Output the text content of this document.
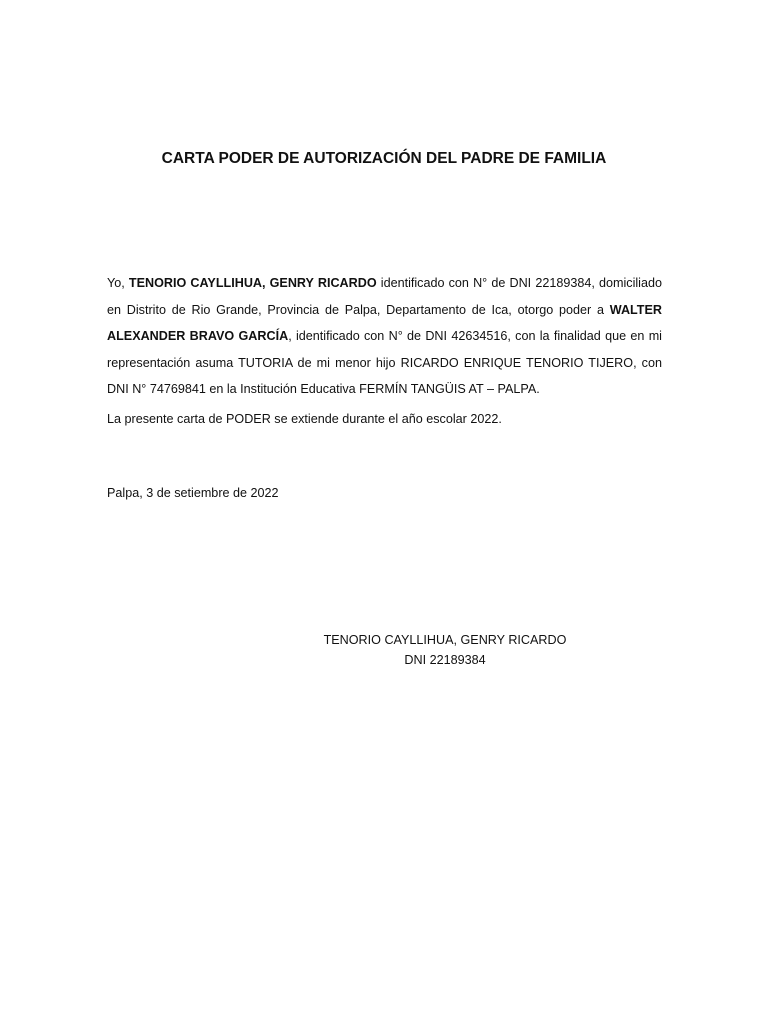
CARTA PODER DE AUTORIZACIÓN DEL PADRE DE FAMILIA

Yo, TENORIO CAYLLIHUA, GENRY RICARDO identificado con N° de DNI 22189384, domiciliado en Distrito de Rio Grande, Provincia de Palpa, Departamento de Ica, otorgo poder a WALTER ALEXANDER BRAVO GARCÍA, identificado con N° de DNI 42634516, con la finalidad que en mi representación asuma TUTORIA de mi menor hijo RICARDO ENRIQUE TENORIO TIJERO, con DNI N° 74769841 en la Institución Educativa FERMÍN TANGÜIS AT – PALPA.

La presente carta de PODER se extiende durante el año escolar 2022.

Palpa, 3 de setiembre de 2022

TENORIO CAYLLIHUA, GENRY RICARDO
DNI 22189384
